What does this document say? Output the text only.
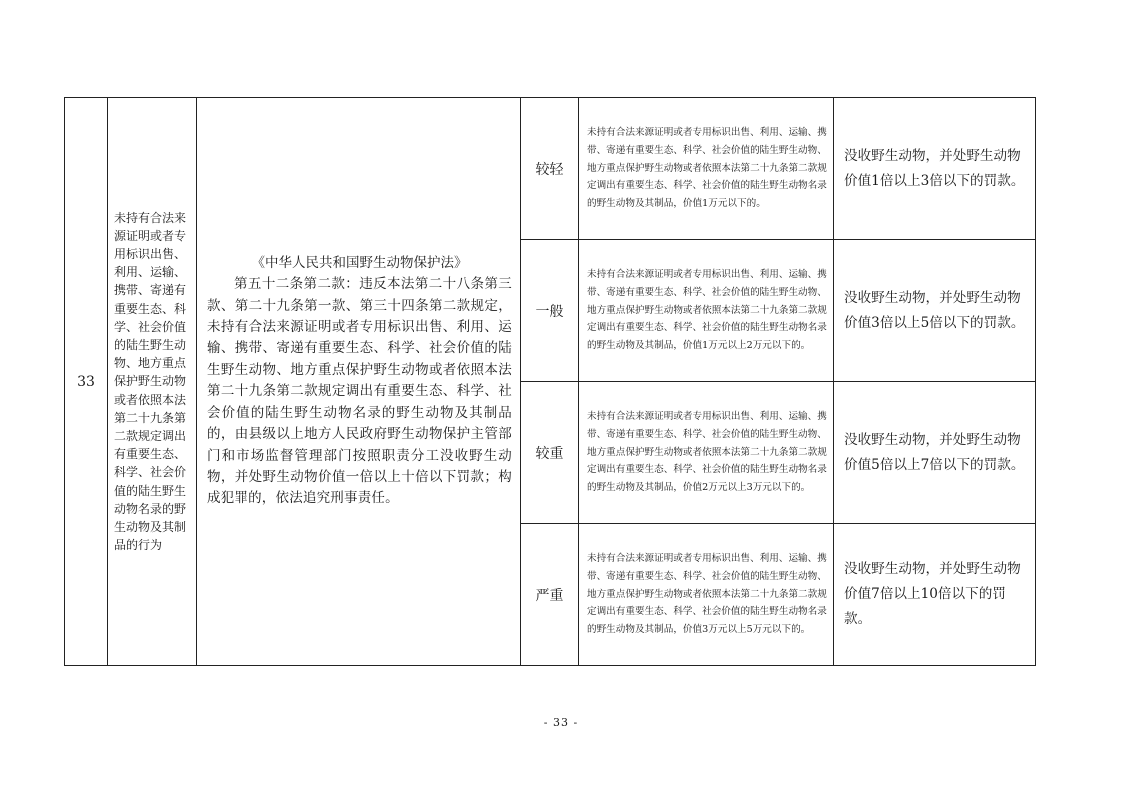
33	未持有合法来源证明或者专用标识出售、利用、运输、携带、寄递有重要生态、科学、社会价值的陆生野生动物、地方重点保护野生动物或者依照本法第二十九条第二款规定调出有重要生态、科学、社会价值的陆生野生动物名录的野生动物及其制品的行为	《中华人民共和国野生动物保护法》
第五十二条第二款：违反本法第二十八条第三款、第二十九条第一款、第三十四条第二款规定，未持有合法来源证明或者专用标识出售、利用、运输、携带、寄递有重要生态、科学、社会价值的陆生野生动物、地方重点保护野生动物或者依照本法第二十九条第二款规定调出有重要生态、科学、社会价值的陆生野生动物名录的野生动物及其制品的，由县级以上地方人民政府野生动物保护主管部门和市场监督管理部门按照职责分工没收野生动物，并处野生动物价值一倍以上十倍以下罚款；构成犯罪的，依法追究刑事责任。	较轻	未持有合法来源证明或者专用标识出售、利用、运输、携带、寄递有重要生态、科学、社会价值的陆生野生动物、地方重点保护野生动物或者依照本法第二十九条第二款规定调出有重要生态、科学、社会价值的陆生野生动物名录的野生动物及其制品，价值1万元以下的。	没收野生动物，并处野生动物价值1倍以上3倍以下的罚款。
			一般	未持有合法来源证明或者专用标识出售、利用、运输、携带、寄递有重要生态、科学、社会价值的陆生野生动物、地方重点保护野生动物或者依照本法第二十九条第二款规定调出有重要生态、科学、社会价值的陆生野生动物名录的野生动物及其制品，价值1万元以上2万元以下的。	没收野生动物，并处野生动物价值3倍以上5倍以下的罚款。
			较重	未持有合法来源证明或者专用标识出售、利用、运输、携带、寄递有重要生态、科学、社会价值的陆生野生动物、地方重点保护野生动物或者依照本法第二十九条第二款规定调出有重要生态、科学、社会价值的陆生野生动物名录的野生动物及其制品，价值2万元以上3万元以下的。	没收野生动物，并处野生动物价值5倍以上7倍以下的罚款。
			严重	未持有合法来源证明或者专用标识出售、利用、运输、携带、寄递有重要生态、科学、社会价值的陆生野生动物、地方重点保护野生动物或者依照本法第二十九条第二款规定调出有重要生态、科学、社会价值的陆生野生动物名录的野生动物及其制品，价值3万元以上5万元以下的。	没收野生动物，并处野生动物价值7倍以上10倍以下的罚款。
- 33 -
